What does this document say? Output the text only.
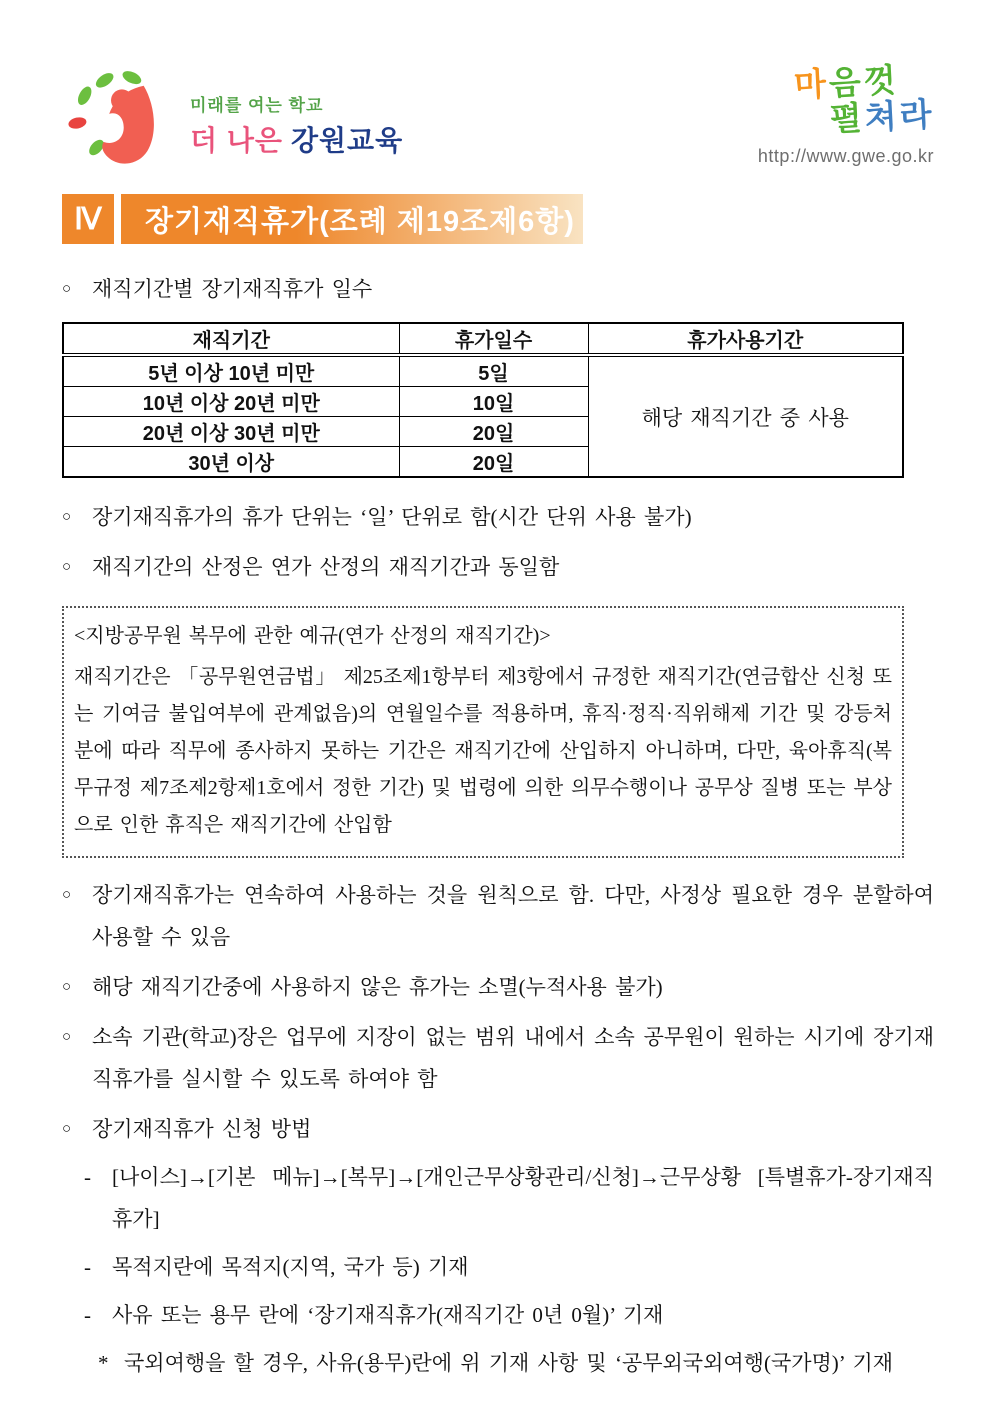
미래를 여는 학교
더 나은 강원교육
마음껏
펼쳐라
http://www.gwe.go.kr
Ⅳ	장기재직휴가(조례 제19조제6항)
○ 재직기간별 장기재직휴가 일수
재직기간	휴가일수	휴가사용기간
5년 이상 10년 미만	5일	해당 재직기간 중 사용
10년 이상 20년 미만	10일	
20년 이상 30년 미만	20일	
30년 이상	20일	
○ 장기재직휴가의 휴가 단위는 ‘일’ 단위로 함(시간 단위 사용 불가)
○ 재직기간의 산정은 연가 산정의 재직기간과 동일함
<지방공무원 복무에 관한 예규(연가 산정의 재직기간)>
재직기간은 「공무원연금법」 제25조제1항부터 제3항에서 규정한 재직기간(연금합산 신청 또는 기여금 불입여부에 관계없음)의 연월일수를 적용하며, 휴직·정직·직위해제 기간 및 강등처분에 따라 직무에 종사하지 못하는 기간은 재직기간에 산입하지 아니하며, 다만, 육아휴직(복무규정 제7조제2항제1호에서 정한 기간) 및 법령에 의한 의무수행이나 공무상 질병 또는 부상으로 인한 휴직은 재직기간에 산입함
○ 장기재직휴가는 연속하여 사용하는 것을 원칙으로 함. 다만, 사정상 필요한 경우 분할하여 사용할 수 있음
○ 해당 재직기간중에 사용하지 않은 휴가는 소멸(누적사용 불가)
○ 소속 기관(학교)장은 업무에 지장이 없는 범위 내에서 소속 공무원이 원하는 시기에 장기재직휴가를 실시할 수 있도록 하여야 함
○ 장기재직휴가 신청 방법
-	[나이스]→[기본 메뉴]→[복무]→[개인근무상황관리/신청]→근무상황 [특별휴가-장기재직휴가]
-	목적지란에 목적지(지역, 국가 등) 기재
-	사유 또는 용무 란에 ‘장기재직휴가(재직기간 0년 0월)’ 기재
* 국외여행을 할 경우, 사유(용무)란에 위 기재 사항 및 ‘공무외국외여행(국가명)’ 기재
